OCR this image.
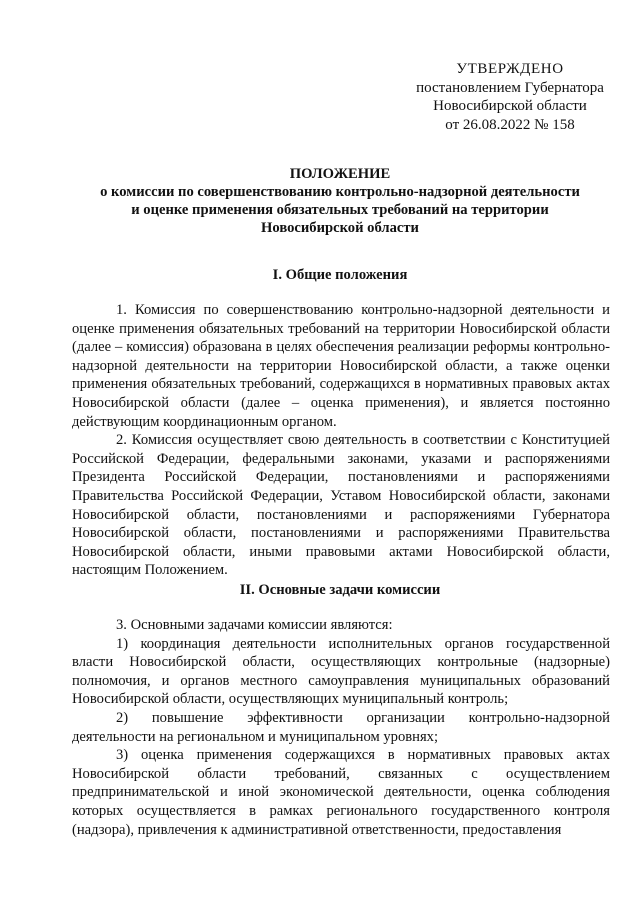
УТВЕРЖДЕНО
постановлением Губернатора
Новосибирской области
от 26.08.2022 № 158
ПОЛОЖЕНИЕ
о комиссии по совершенствованию контрольно-надзорной деятельности
и оценке применения обязательных требований на территории
Новосибирской области
I. Общие положения

1. Комиссия по совершенствованию контрольно-надзорной деятельности и оценке применения обязательных требований на территории Новосибирской области (далее – комиссия) образована в целях обеспечения реализации реформы контрольно-надзорной деятельности на территории Новосибирской области, а также оценки применения обязательных требований, содержащихся в нормативных правовых актах Новосибирской области (далее – оценка применения), и является постоянно действующим координационным органом.

2. Комиссия осуществляет свою деятельность в соответствии с Конституцией Российской Федерации, федеральными законами, указами и распоряжениями Президента Российской Федерации, постановлениями и распоряжениями Правительства Российской Федерации, Уставом Новосибирской области, законами Новосибирской области, постановлениями и распоряжениями Губернатора Новосибирской области, постановлениями и распоряжениями Правительства Новосибирской области, иными правовыми актами Новосибирской области, настоящим Положением.

II. Основные задачи комиссии

3. Основными задачами комиссии являются:

1) координация деятельности исполнительных органов государственной власти Новосибирской области, осуществляющих контрольные (надзорные) полномочия, и органов местного самоуправления муниципальных образований Новосибирской области, осуществляющих муниципальный контроль;

2) повышение эффективности организации контрольно-надзорной деятельности на региональном и муниципальном уровнях;

3) оценка применения содержащихся в нормативных правовых актах Новосибирской области требований, связанных с осуществлением предпринимательской и иной экономической деятельности, оценка соблюдения которых осуществляется в рамках регионального государственного контроля (надзора), привлечения к административной ответственности, предоставления
